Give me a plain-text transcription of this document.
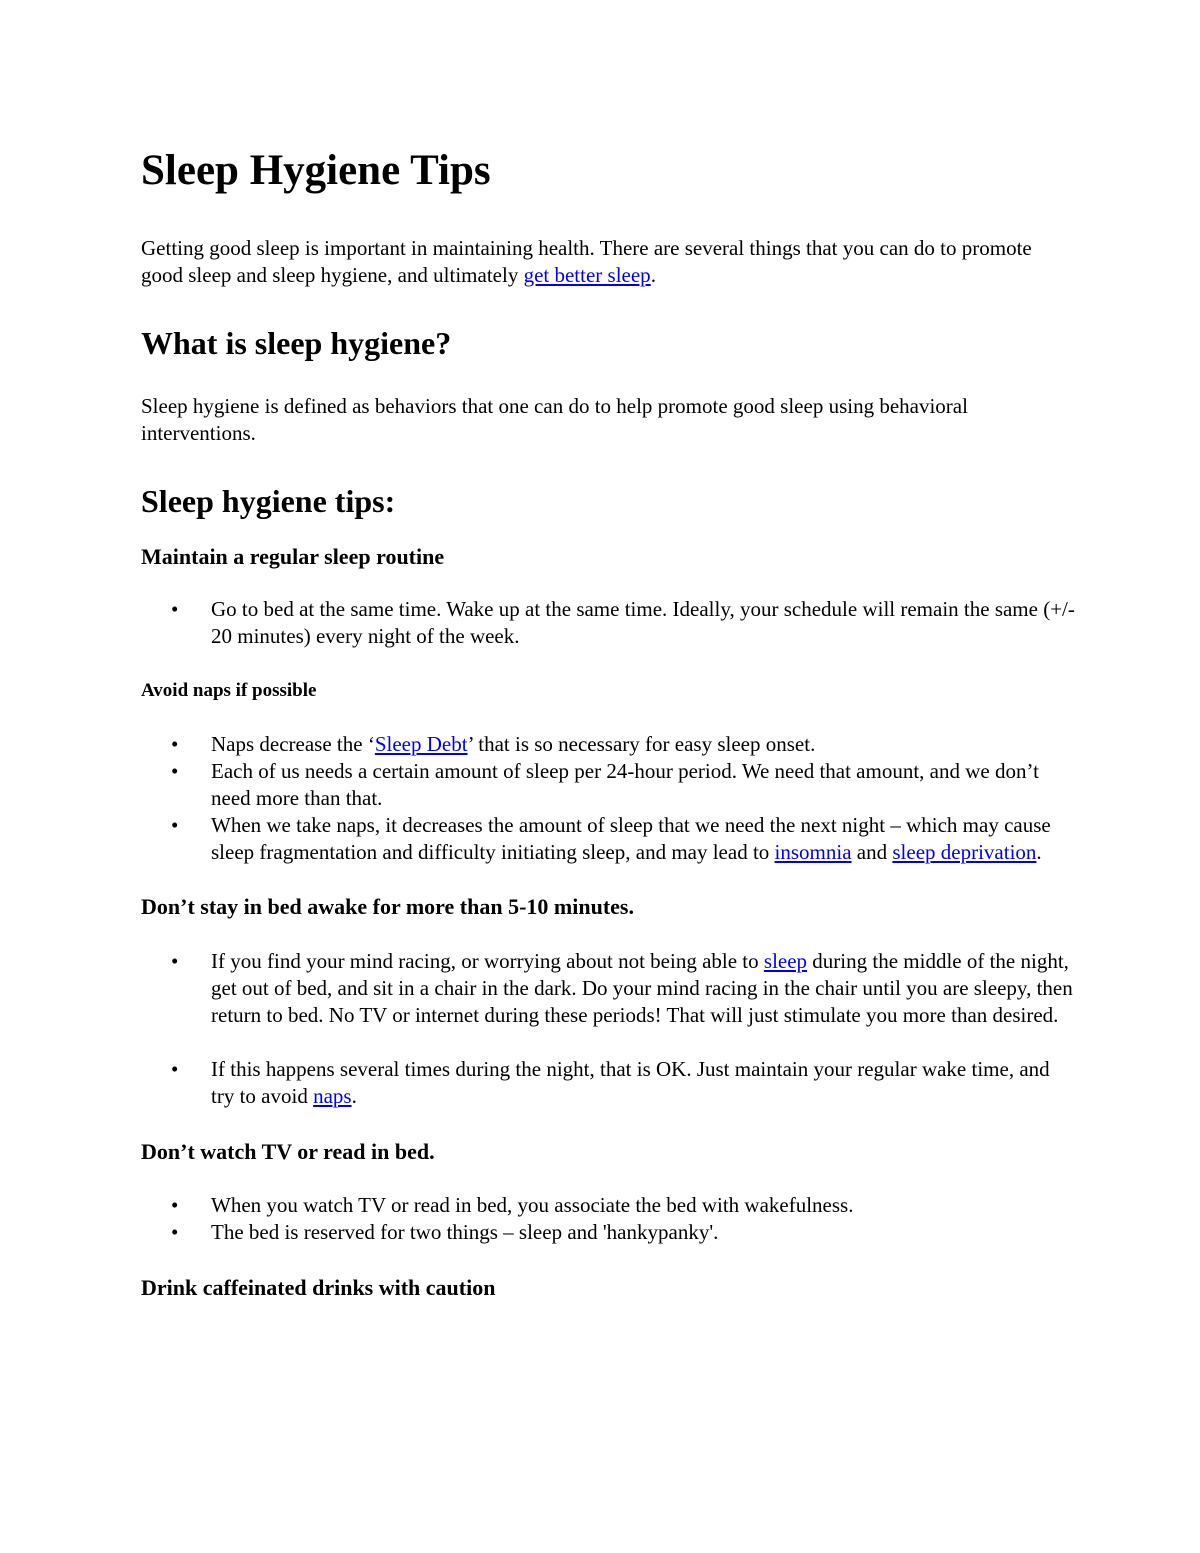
Sleep Hygiene Tips

Getting good sleep is important in maintaining health. There are several things that you can do to promote good sleep and sleep hygiene, and ultimately get better sleep.

What is sleep hygiene?

Sleep hygiene is defined as behaviors that one can do to help promote good sleep using behavioral interventions.

Sleep hygiene tips:
Maintain a regular sleep routine
• Go to bed at the same time. Wake up at the same time. Ideally, your schedule will remain the same (+/- 20 minutes) every night of the week.
Avoid naps if possible
• Naps decrease the ‘Sleep Debt’ that is so necessary for easy sleep onset.
• Each of us needs a certain amount of sleep per 24-hour period. We need that amount, and we don’t need more than that.
• When we take naps, it decreases the amount of sleep that we need the next night – which may cause sleep fragmentation and difficulty initiating sleep, and may lead to insomnia and sleep deprivation.
Don’t stay in bed awake for more than 5-10 minutes.
• If you find your mind racing, or worrying about not being able to sleep during the middle of the night, get out of bed, and sit in a chair in the dark. Do your mind racing in the chair until you are sleepy, then return to bed. No TV or internet during these periods! That will just stimulate you more than desired.
• If this happens several times during the night, that is OK. Just maintain your regular wake time, and try to avoid naps.
Don’t watch TV or read in bed.
• When you watch TV or read in bed, you associate the bed with wakefulness.
• The bed is reserved for two things – sleep and 'hankypanky'.
Drink caffeinated drinks with caution
